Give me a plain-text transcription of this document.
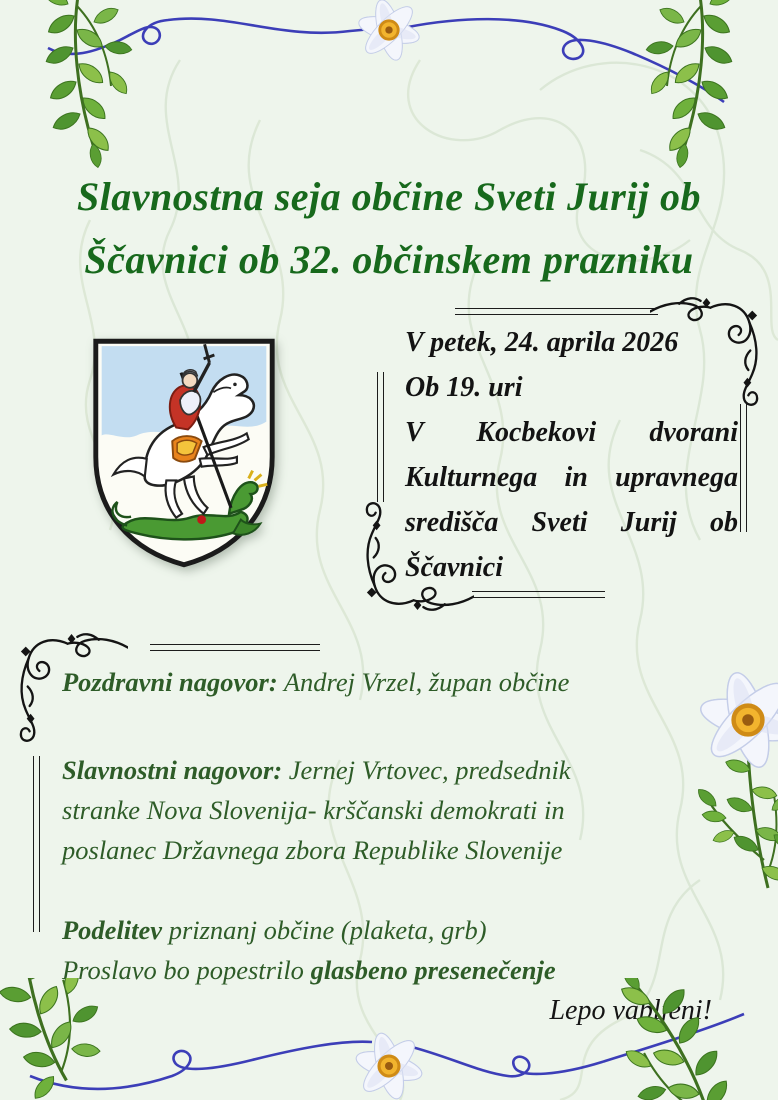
Slavnostna seja občine Sveti Jurij ob
Ščavnici ob 32. občinskem prazniku
V petek, 24. aprila 2026
Ob 19. uri
V Kocbekovi dvorani
Kulturnega in upravnega
središča Sveti Jurij ob
Ščavnici
Pozdravni nagovor: Andrej Vrzel, župan občine
Slavnostni nagovor: Jernej Vrtovec, predsednik stranke Nova Slovenija- krščanski demokrati in poslanec Državnega zbora Republike Slovenije
Podelitev priznanj občine (plaketa, grb)
Proslavo bo popestrilo glasbeno presenečenje
Lepo vabljeni!
